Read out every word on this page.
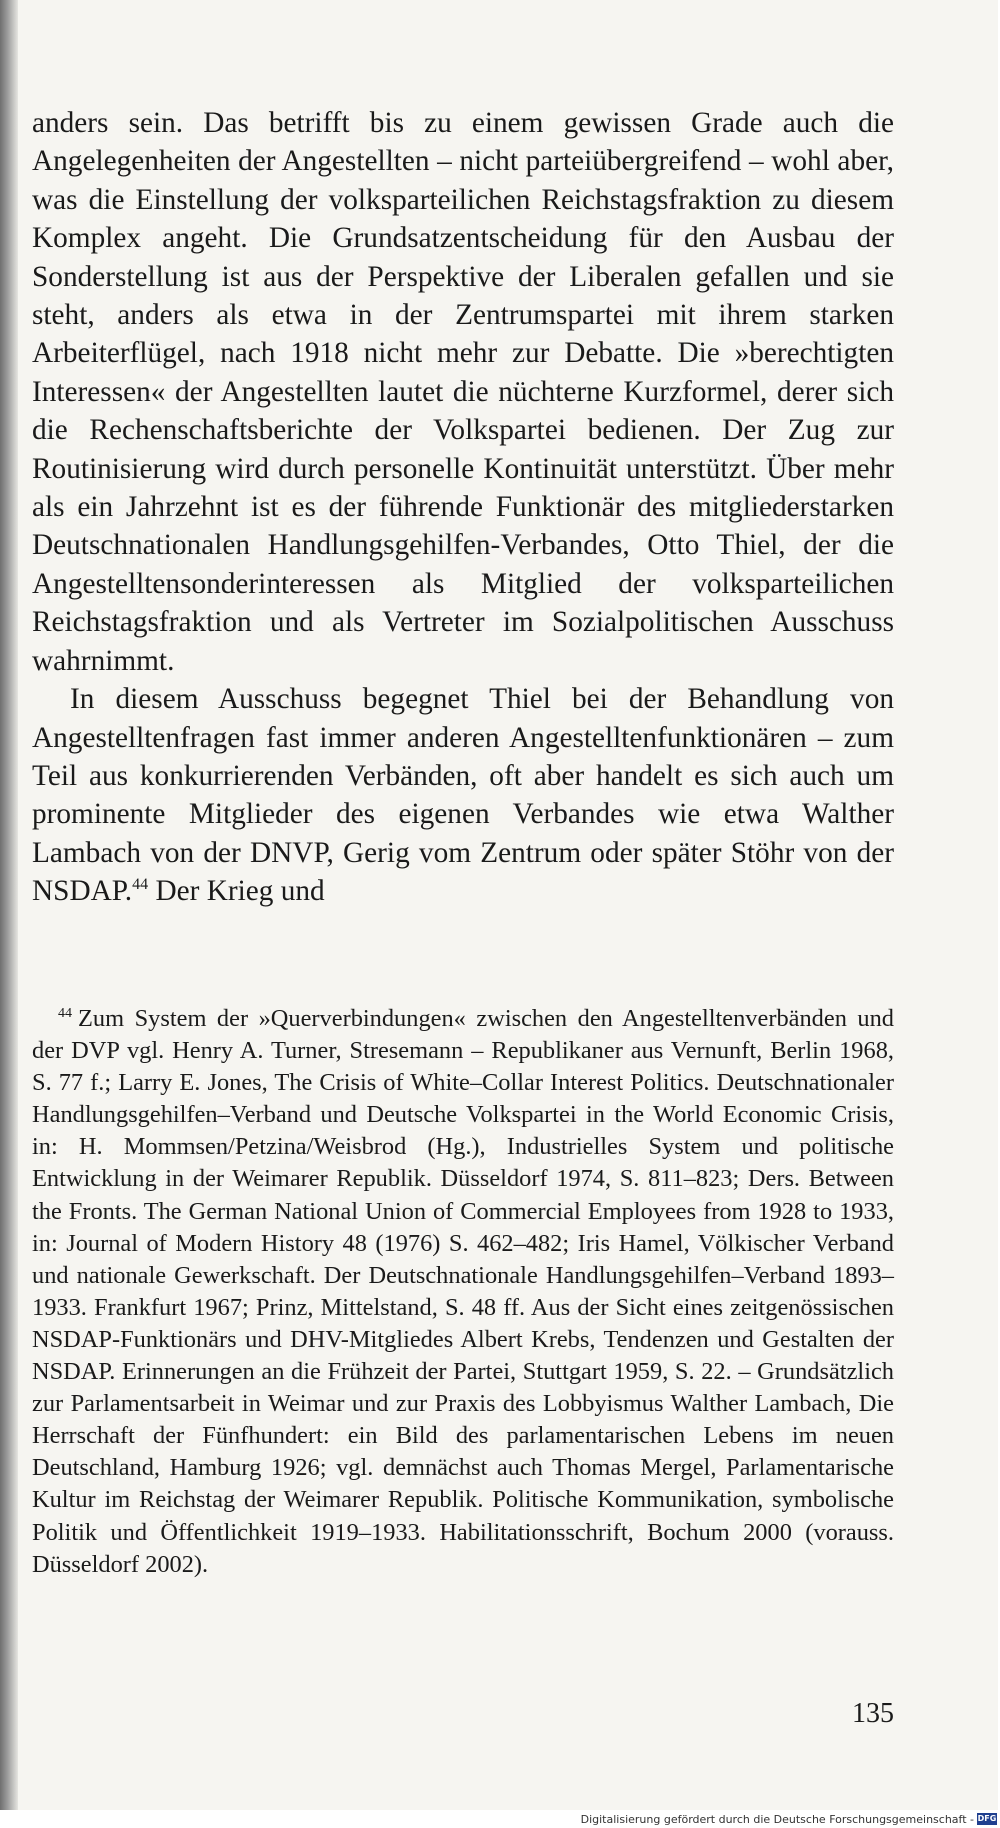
anders sein. Das betrifft bis zu einem gewissen Grade auch die Angelegenheiten der Angestellten – nicht parteiübergreifend – wohl aber, was die Einstellung der volksparteilichen Reichstagsfraktion zu diesem Komplex angeht. Die Grundsatzentscheidung für den Ausbau der Sonderstellung ist aus der Perspektive der Liberalen gefallen und sie steht, anders als etwa in der Zentrumspartei mit ihrem starken Arbeiterflügel, nach 1918 nicht mehr zur Debatte. Die »berechtigten Interessen« der Angestellten lautet die nüchterne Kurzformel, derer sich die Rechenschaftsberichte der Volkspartei bedienen. Der Zug zur Routinisierung wird durch personelle Kontinuität unterstützt. Über mehr als ein Jahrzehnt ist es der führende Funktionär des mitgliederstarken Deutschnationalen Handlungsgehilfen-Verbandes, Otto Thiel, der die Angestelltensonderinteressen als Mitglied der volksparteilichen Reichstagsfraktion und als Vertreter im Sozialpolitischen Ausschuss wahrnimmt.

In diesem Ausschuss begegnet Thiel bei der Behandlung von Angestelltenfragen fast immer anderen Angestelltenfunktionären – zum Teil aus konkurrierenden Verbänden, oft aber handelt es sich auch um prominente Mitglieder des eigenen Verbandes wie etwa Walther Lambach von der DNVP, Gerig vom Zentrum oder später Stöhr von der NSDAP.$^{44}$ Der Krieg und

$^{44}$ Zum System der »Querverbindungen« zwischen den Angestelltenverbänden und der DVP vgl. Henry A. Turner, Stresemann – Republikaner aus Vernunft, Berlin 1968, S. 77 f.; Larry E. Jones, The Crisis of White–Collar Interest Politics. Deutschnationaler Handlungsgehilfen–Verband und Deutsche Volkspartei in the World Economic Crisis, in: H. Mommsen/Petzina/Weisbrod (Hg.), Industrielles System und politische Entwicklung in der Weimarer Republik. Düsseldorf 1974, S. 811–823; Ders. Between the Fronts. The German National Union of Commercial Employees from 1928 to 1933, in: Journal of Modern History 48 (1976) S. 462–482; Iris Hamel, Völkischer Verband und nationale Gewerkschaft. Der Deutschnationale Handlungsgehilfen–Verband 1893–1933. Frankfurt 1967; Prinz, Mittelstand, S. 48 ff. Aus der Sicht eines zeitgenössischen NSDAP-Funktionärs und DHV-Mitgliedes Albert Krebs, Tendenzen und Gestalten der NSDAP. Erinnerungen an die Frühzeit der Partei, Stuttgart 1959, S. 22. – Grundsätzlich zur Parlamentsarbeit in Weimar und zur Praxis des Lobbyismus Walther Lambach, Die Herrschaft der Fünfhundert: ein Bild des parlamentarischen Lebens im neuen Deutschland, Hamburg 1926; vgl. demnächst auch Thomas Mergel, Parlamentarische Kultur im Reichstag der Weimarer Republik. Politische Kommunikation, symbolische Politik und Öffentlichkeit 1919–1933. Habilitationsschrift, Bochum 2000 (vorauss. Düsseldorf 2002).

135
Digitalisierung gefördert durch die Deutsche Forschungsgemeinschaft - DFG
